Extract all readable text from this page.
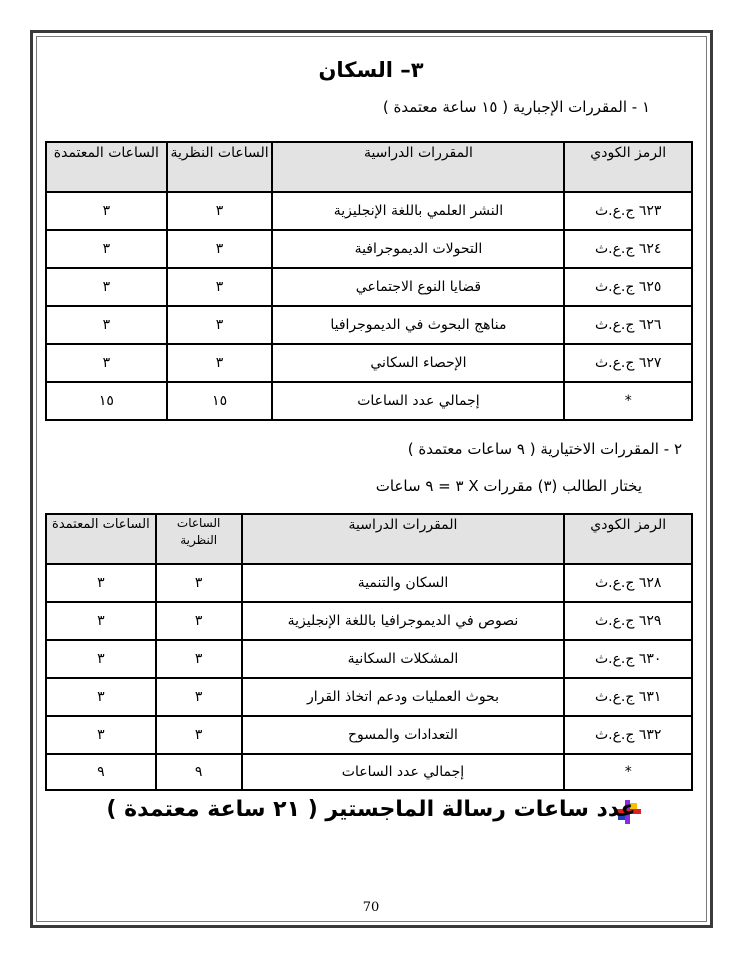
٣– السكان
١ - المقررات الإجبارية ( ١٥ ساعة معتمدة )
الرمز الكودي	المقررات الدراسية	الساعات النظرية	الساعات المعتمدة
٦٢٣ ج.ع.ث	النشر العلمي باللغة الإنجليزية	٣	٣
٦٢٤ ج.ع.ث	التحولات الديموجرافية	٣	٣
٦٢٥ ج.ع.ث	قضايا النوع الاجتماعي	٣	٣
٦٢٦ ج.ع.ث	مناهج البحوث في الديموجرافيا	٣	٣
٦٢٧ ج.ع.ث	الإحصاء السكاني	٣	٣
*	إجمالي عدد الساعات	١٥	١٥
٢ - المقررات الاختيارية ( ٩ ساعات معتمدة )
يختار الطالب (٣) مقررات X ٣ = ٩ ساعات
الرمز الكودي	المقررات الدراسية	الساعات النظرية	الساعات المعتمدة
٦٢٨ ج.ع.ث	السكان والتنمية	٣	٣
٦٢٩ ج.ع.ث	نصوص في الديموجرافيا باللغة الإنجليزية	٣	٣
٦٣٠ ج.ع.ث	المشكلات السكانية	٣	٣
٦٣١ ج.ع.ث	بحوث العمليات ودعم اتخاذ القرار	٣	٣
٦٣٢ ج.ع.ث	التعدادات والمسوح	٣	٣
*	إجمالي عدد الساعات	٩	٩
عدد ساعات رسالة الماجستير ( ٢١ ساعة معتمدة )
70
